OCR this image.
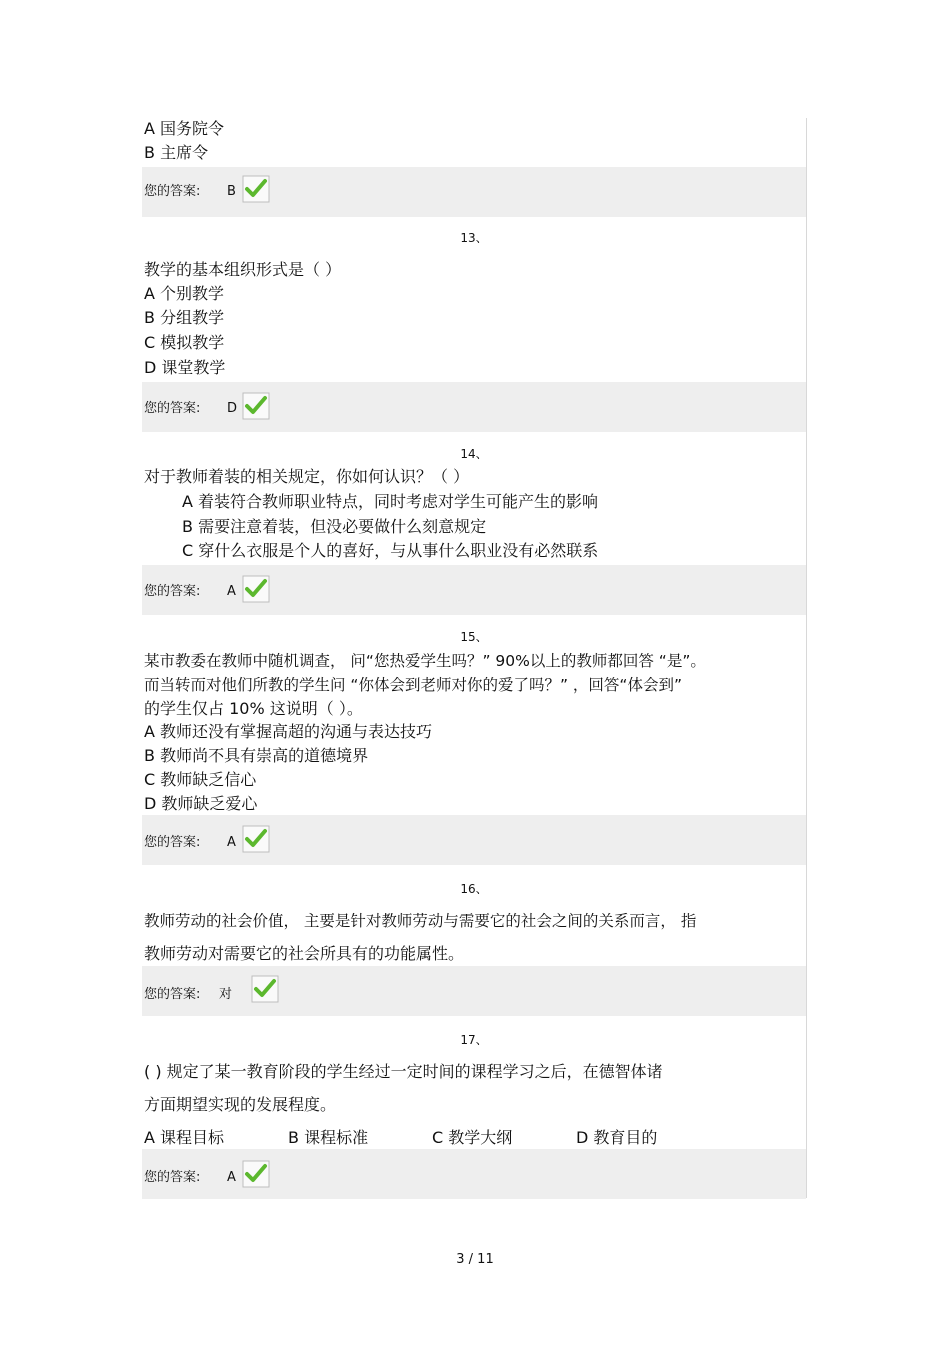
A 国务院令
B 主席令
您的答案: B
13、
教学的基本组织形式是（ ）
A 个别教学
B 分组教学
C 模拟教学
D 课堂教学
您的答案: D
14、
对于教师着装的相关规定，你如何认识？（ ）
A 着装符合教师职业特点，同时考虑对学生可能产生的影响
B 需要注意着装，但没必要做什么刻意规定
C 穿什么衣服是个人的喜好，与从事什么职业没有必然联系
您的答案: A
15、
某市教委在教师中随机调查， 问“您热爱学生吗？” 90%以上的教师都回答 “是”。
而当转而对他们所教的学生问 “你体会到老师对你的爱了吗？” ，回答“体会到”
的学生仅占 10% 这说明（ ）。
A 教师还没有掌握高超的沟通与表达技巧
B 教师尚不具有崇高的道德境界
C 教师缺乏信心
D 教师缺乏爱心
您的答案: A
16、
教师劳动的社会价值， 主要是针对教师劳动与需要它的社会之间的关系而言， 指
教师劳动对需要它的社会所具有的功能属性。
您的答案: 对
17、
( ) 规定了某一教育阶段的学生经过一定时间的课程学习之后，在德智体诸
方面期望实现的发展程度。
A 课程目标	B 课程标准	C 教学大纲	D 教育目的
您的答案: A
3 / 11
